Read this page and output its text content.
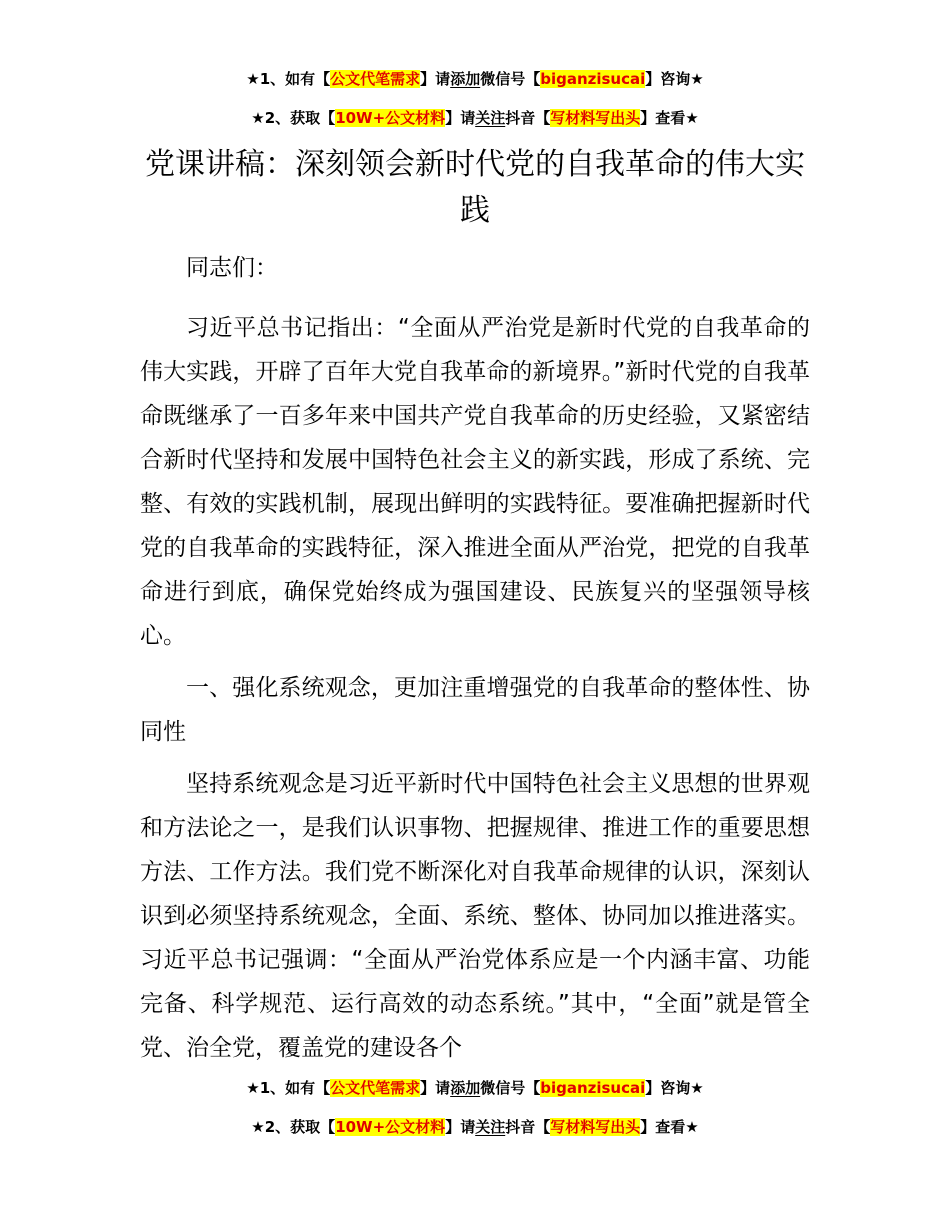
★1、如有【公文代笔需求】请添加微信号【biganzisucai】咨询★
★2、获取【10W+公文材料】请关注抖音【写材料写出头】查看★
党课讲稿：深刻领会新时代党的自我革命的伟大实践

同志们：

习近平总书记指出：“全面从严治党是新时代党的自我革命的伟大实践，开辟了百年大党自我革命的新境界。”新时代党的自我革命既继承了一百多年来中国共产党自我革命的历史经验，又紧密结合新时代坚持和发展中国特色社会主义的新实践，形成了系统、完整、有效的实践机制，展现出鲜明的实践特征。要准确把握新时代党的自我革命的实践特征，深入推进全面从严治党，把党的自我革命进行到底，确保党始终成为强国建设、民族复兴的坚强领导核心。

一、强化系统观念，更加注重增强党的自我革命的整体性、协同性

坚持系统观念是习近平新时代中国特色社会主义思想的世界观和方法论之一，是我们认识事物、把握规律、推进工作的重要思想方法、工作方法。我们党不断深化对自我革命规律的认识，深刻认识到必须坚持系统观念，全面、系统、整体、协同加以推进落实。习近平总书记强调：“全面从严治党体系应是一个内涵丰富、功能完备、科学规范、运行高效的动态系统。”其中，“全面”就是管全党、治全党，覆盖党的建设各个

★1、如有【公文代笔需求】请添加微信号【biganzisucai】咨询★
★2、获取【10W+公文材料】请关注抖音【写材料写出头】查看★
